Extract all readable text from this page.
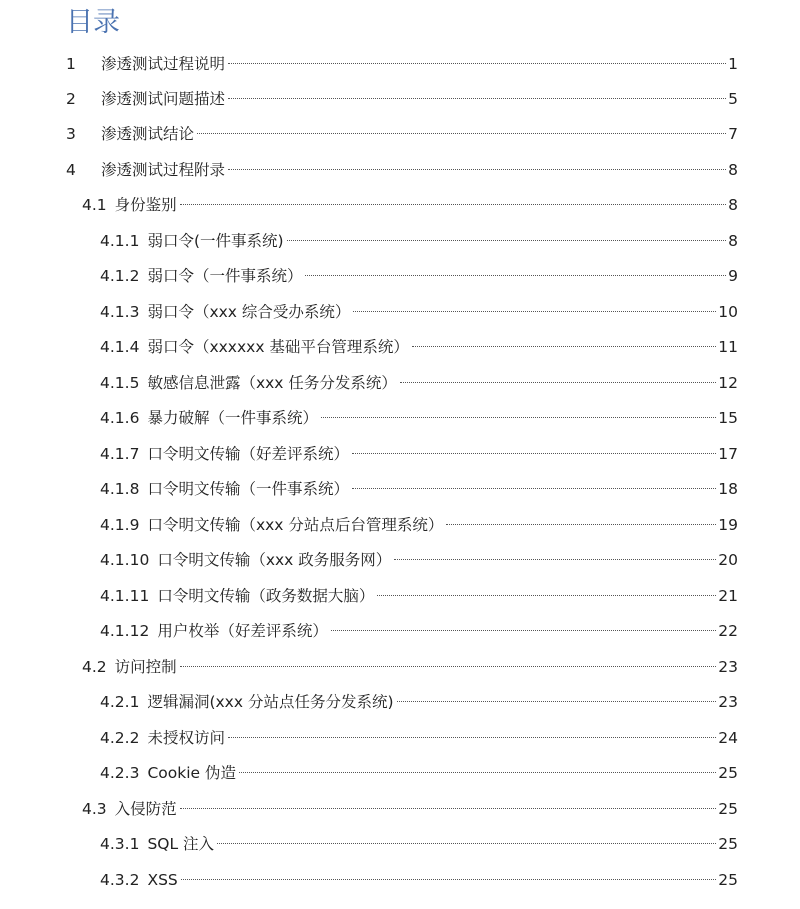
目录
1	渗透测试过程说明	1
2	渗透测试问题描述	5
3	渗透测试结论	7
4	渗透测试过程附录	8
4.1 身份鉴别	8
4.1.1 弱口令(一件事系统)	8
4.1.2 弱口令（一件事系统）	9
4.1.3 弱口令（xxx 综合受办系统）	10
4.1.4 弱口令（xxxxxx 基础平台管理系统）	11
4.1.5 敏感信息泄露（xxx 任务分发系统）	12
4.1.6 暴力破解（一件事系统）	15
4.1.7 口令明文传输（好差评系统）	17
4.1.8 口令明文传输（一件事系统）	18
4.1.9 口令明文传输（xxx 分站点后台管理系统）	19
4.1.10 口令明文传输（xxx 政务服务网）	20
4.1.11 口令明文传输（政务数据大脑）	21
4.1.12 用户枚举（好差评系统）	22
4.2 访问控制	23
4.2.1 逻辑漏洞(xxx 分站点任务分发系统)	23
4.2.2 未授权访问	24
4.2.3 Cookie 伪造	25
4.3 入侵防范	25
4.3.1 SQL 注入	25
4.3.2 XSS	25
